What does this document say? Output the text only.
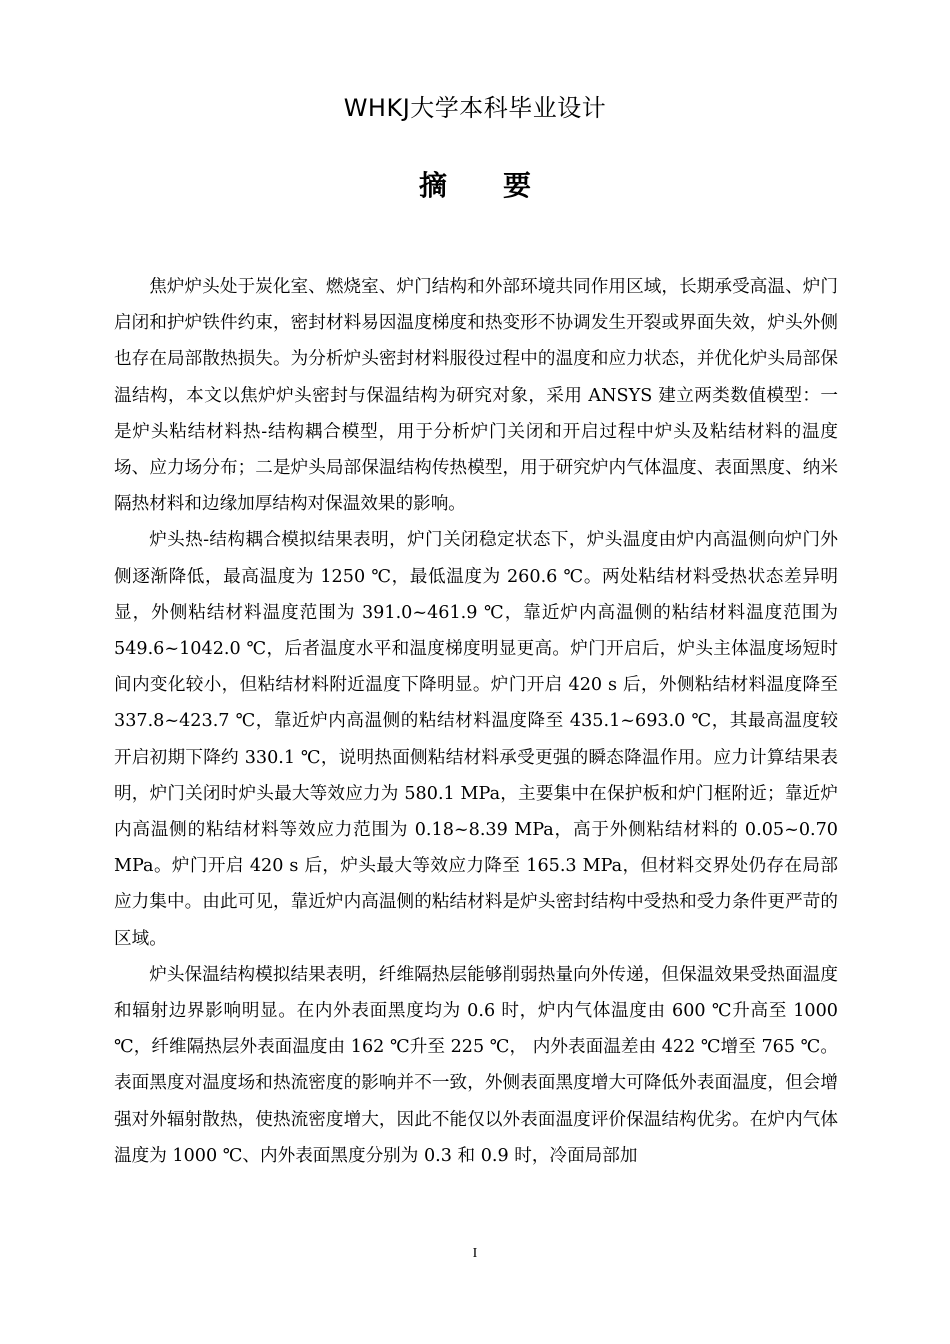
WHKJ大学本科毕业设计
摘 要

焦炉炉头处于炭化室、燃烧室、炉门结构和外部环境共同作用区域，长期承受高温、炉门启闭和护炉铁件约束，密封材料易因温度梯度和热变形不协调发生开裂或界面失效，炉头外侧也存在局部散热损失。为分析炉头密封材料服役过程中的温度和应力状态，并优化炉头局部保温结构，本文以焦炉炉头密封与保温结构为研究对象，采用 ANSYS 建立两类数值模型：一是炉头粘结材料热-结构耦合模型，用于分析炉门关闭和开启过程中炉头及粘结材料的温度场、应力场分布；二是炉头局部保温结构传热模型，用于研究炉内气体温度、表面黑度、纳米隔热材料和边缘加厚结构对保温效果的影响。

炉头热-结构耦合模拟结果表明，炉门关闭稳定状态下，炉头温度由炉内高温侧向炉门外侧逐渐降低，最高温度为 1250 ℃，最低温度为 260.6 ℃。两处粘结材料受热状态差异明显，外侧粘结材料温度范围为 391.0~461.9 ℃，靠近炉内高温侧的粘结材料温度范围为 549.6~1042.0 ℃，后者温度水平和温度梯度明显更高。炉门开启后，炉头主体温度场短时间内变化较小，但粘结材料附近温度下降明显。炉门开启 420 s 后，外侧粘结材料温度降至 337.8~423.7 ℃，靠近炉内高温侧的粘结材料温度降至 435.1~693.0 ℃，其最高温度较开启初期下降约 330.1 ℃，说明热面侧粘结材料承受更强的瞬态降温作用。应力计算结果表明，炉门关闭时炉头最大等效应力为 580.1 MPa，主要集中在保护板和炉门框附近；靠近炉内高温侧的粘结材料等效应力范围为 0.18~8.39 MPa，高于外侧粘结材料的 0.05~0.70 MPa。炉门开启 420 s 后，炉头最大等效应力降至 165.3 MPa，但材料交界处仍存在局部应力集中。由此可见，靠近炉内高温侧的粘结材料是炉头密封结构中受热和受力条件更严苛的区域。

炉头保温结构模拟结果表明，纤维隔热层能够削弱热量向外传递，但保温效果受热面温度和辐射边界影响明显。在内外表面黑度均为 0.6 时，炉内气体温度由 600 ℃升高至 1000 ℃，纤维隔热层外表面温度由 162 ℃升至 225 ℃， 内外表面温差由 422 ℃增至 765 ℃。表面黑度对温度场和热流密度的影响并不一致，外侧表面黑度增大可降低外表面温度，但会增强对外辐射散热，使热流密度增大，因此不能仅以外表面温度评价保温结构优劣。在炉内气体温度为 1000 ℃、内外表面黑度分别为 0.3 和 0.9 时，冷面局部加

I
